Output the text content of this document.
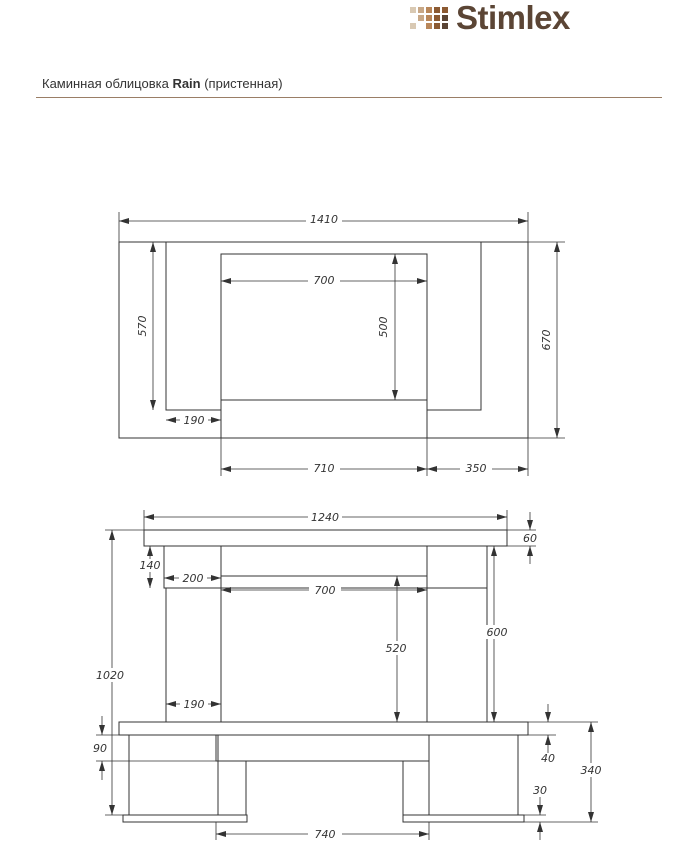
Stimlex
Каминная облицовка Rain (пристенная)
1410
700
500
570
670
190
710	350
1240
60
140
200
700
520
600
1020
190
90
40
340
30
740
